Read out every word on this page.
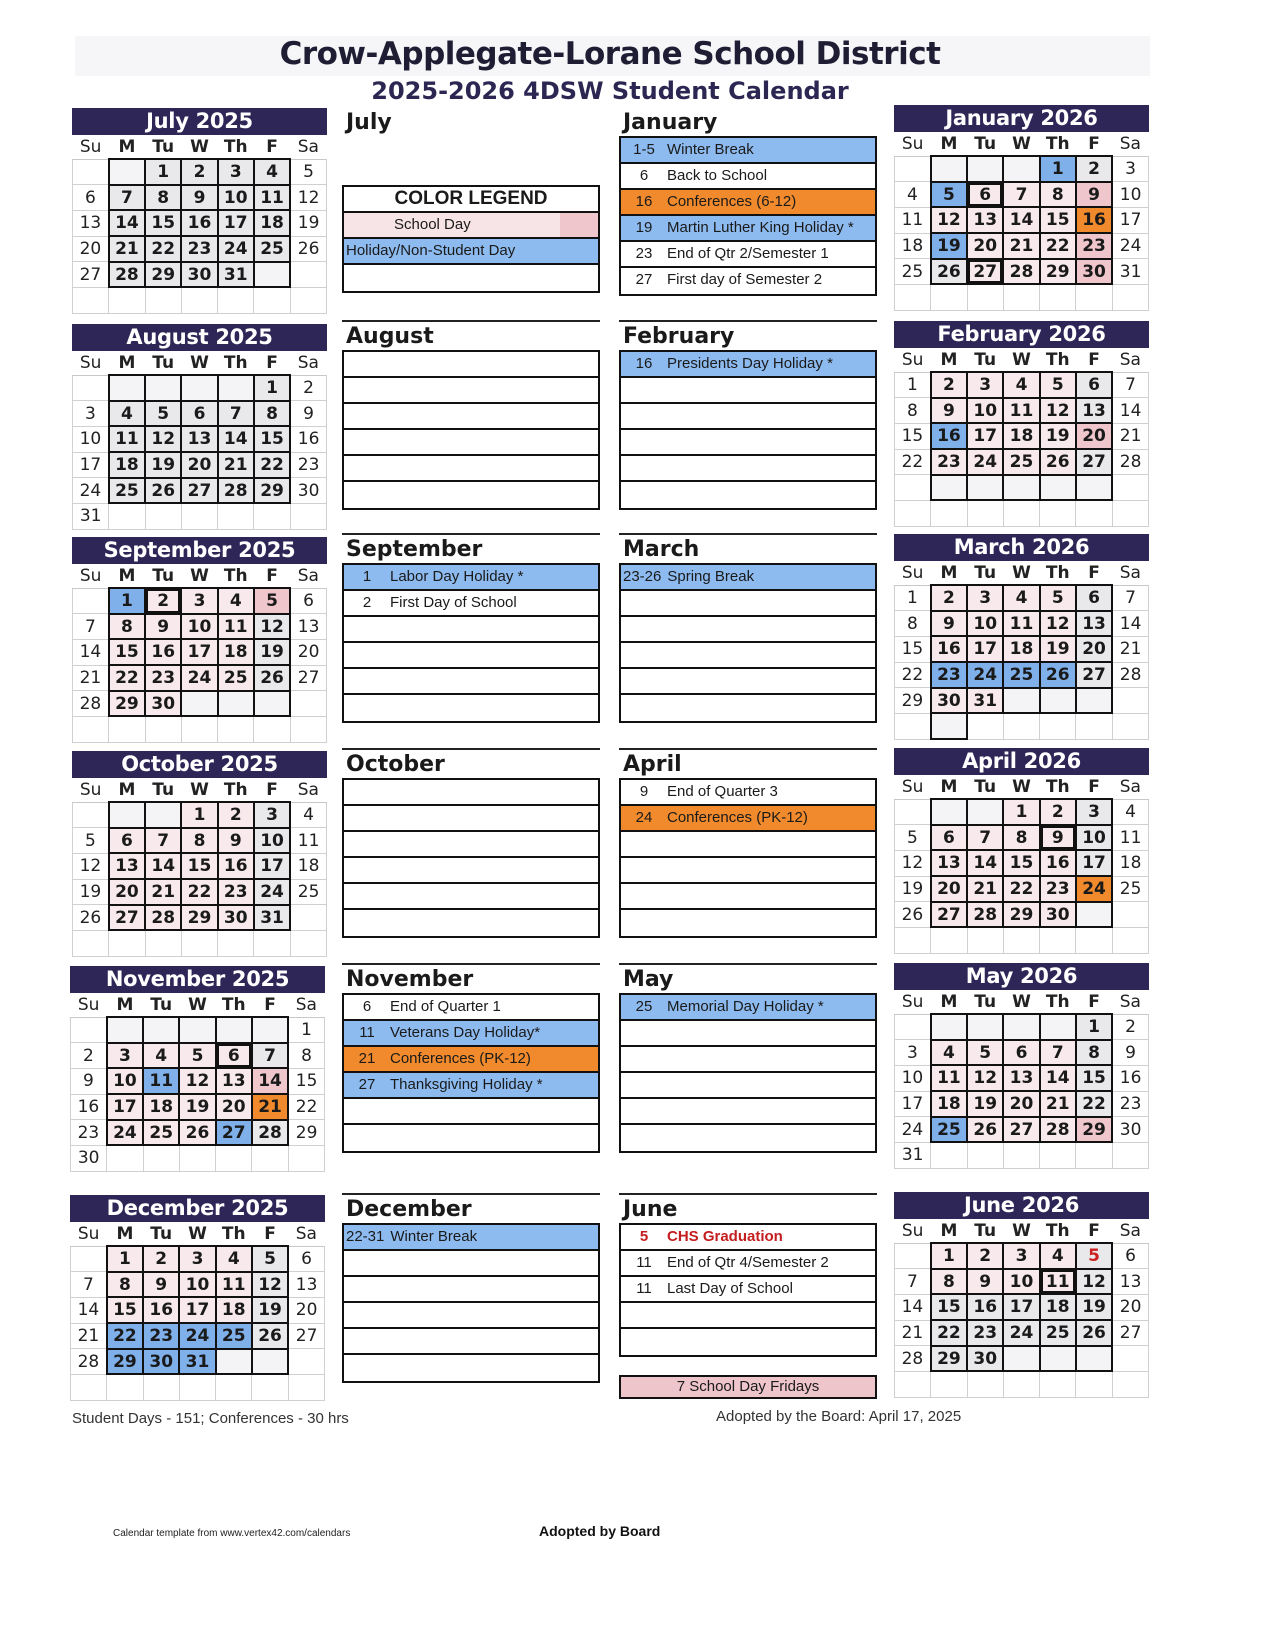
Crow-Applegate-Lorane School District
2025-2026 4DSW Student Calendar
July 2025
Su	M	Tu	W	Th	F	Sa
		1	2	3	4	5
6	7	8	9	10	11	12
13	14	15	16	17	18	19
20	21	22	23	24	25	26
27	28	29	30	31		

August 2025
Su	M	Tu	W	Th	F	Sa
					1	2
3	4	5	6	7	8	9
10	11	12	13	14	15	16
17	18	19	20	21	22	23
24	25	26	27	28	29	30
31						
September 2025
Su	M	Tu	W	Th	F	Sa
	1	2	3	4	5	6
7	8	9	10	11	12	13
14	15	16	17	18	19	20
21	22	23	24	25	26	27
28	29	30				

October 2025
Su	M	Tu	W	Th	F	Sa
			1	2	3	4
5	6	7	8	9	10	11
12	13	14	15	16	17	18
19	20	21	22	23	24	25
26	27	28	29	30	31	

November 2025
Su	M	Tu	W	Th	F	Sa
						1
2	3	4	5	6	7	8
9	10	11	12	13	14	15
16	17	18	19	20	21	22
23	24	25	26	27	28	29
30						
December 2025
Su	M	Tu	W	Th	F	Sa
	1	2	3	4	5	6
7	8	9	10	11	12	13
14	15	16	17	18	19	20
21	22	23	24	25	26	27
28	29	30	31			

January 2026
Su	M	Tu	W	Th	F	Sa
				1	2	3
4	5	6	7	8	9	10
11	12	13	14	15	16	17
18	19	20	21	22	23	24
25	26	27	28	29	30	31

February 2026
Su	M	Tu	W	Th	F	Sa
1	2	3	4	5	6	7
8	9	10	11	12	13	14
15	16	17	18	19	20	21
22	23	24	25	26	27	28

March 2026
Su	M	Tu	W	Th	F	Sa
1	2	3	4	5	6	7
8	9	10	11	12	13	14
15	16	17	18	19	20	21
22	23	24	25	26	27	28
29	30	31				

April 2026
Su	M	Tu	W	Th	F	Sa
			1	2	3	4
5	6	7	8	9	10	11
12	13	14	15	16	17	18
19	20	21	22	23	24	25
26	27	28	29	30		

May 2026
Su	M	Tu	W	Th	F	Sa
					1	2
3	4	5	6	7	8	9
10	11	12	13	14	15	16
17	18	19	20	21	22	23
24	25	26	27	28	29	30
31						
June 2026
Su	M	Tu	W	Th	F	Sa
	1	2	3	4	5	6
7	8	9	10	11	12	13
14	15	16	17	18	19	20
21	22	23	24	25	26	27
28	29	30				

July
August
September
1	Labor Day Holiday *
2	First Day of School
October
November
6	End of Quarter 1
11	Veterans Day Holiday*
21 Conferences (PK-12)
27 Thanksgiving Holiday *
December
22-31 Winter Break
January
1-5 Winter Break
6	Back to School
16 Conferences (6-12)
19 Martin Luther King Holiday *
23 End of Qtr 2/Semester 1
27 First day of Semester 2
February
16 Presidents Day Holiday *
March
23-26 Spring Break
April
9	End of Quarter 3
24 Conferences (PK-12)
May
25 Memorial Day Holiday *
June
5	CHS Graduation
11	End of Qtr 4/Semester 2
11	Last Day of School
COLOR LEGEND
School Day
Holiday/Non-Student Day
7 School Day Fridays
Student Days - 151; Conferences - 30 hrs	Adopted by the Board: April 17, 2025
Calendar template from www.vertex42.com/calendars	Adopted by Board
